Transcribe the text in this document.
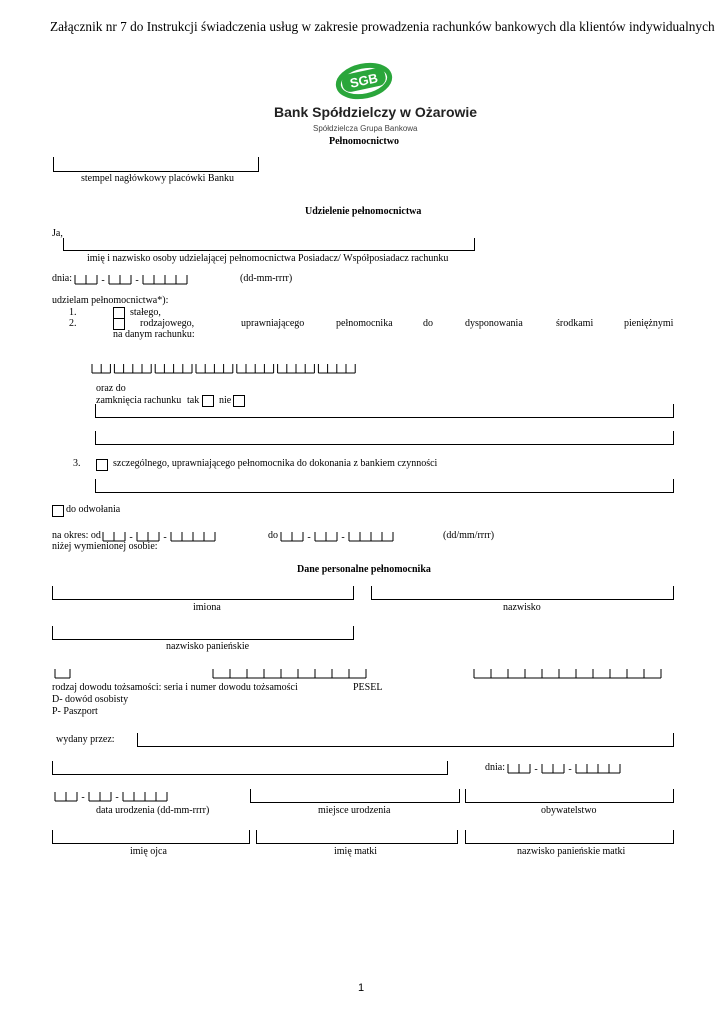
Załącznik nr 7 do Instrukcji świadczenia usług w zakresie prowadzenia rachunków bankowych dla klientów indywidualnych
SGB
Bank Spółdzielczy w Ożarowie
Spółdzielcza Grupa Bankowa
Pełnomocnictwo
stempel nagłówkowy placówki Banku
Udzielenie pełnomocnictwa
Ja,
imię i nazwisko osoby udzielającej pełnomocnictwa Posiadacz/ Współposiadacz rachunku
dnia:	-	-	(dd-mm-rrrr)
udzielam pełnomocnictwa*):
1.	stałego,
2.	rodzajowego,	uprawniającego	pełnomocnika	do	dysponowania	środkami	pieniężnymi
na danym rachunku:
oraz do
zamknięcia rachunku tak nie
3.	szczególnego, uprawniającego pełnomocnika do dokonania z bankiem czynności
do odwołania
na okres: od	-	-	do	-	-	(dd/mm/rrrr)
niżej wymienionej osobie:
Dane personalne pełnomocnika
imiona	nazwisko
nazwisko panieńskie
rodzaj dowodu tożsamości: seria i numer dowodu tożsamości	PESEL
D- dowód osobisty
P- Paszport
wydany przez:
dnia:	-	-
-	-
data urodzenia (dd-mm-rrrr)	miejsce urodzenia	obywatelstwo
imię ojca	imię matki	nazwisko panieńskie matki
1
